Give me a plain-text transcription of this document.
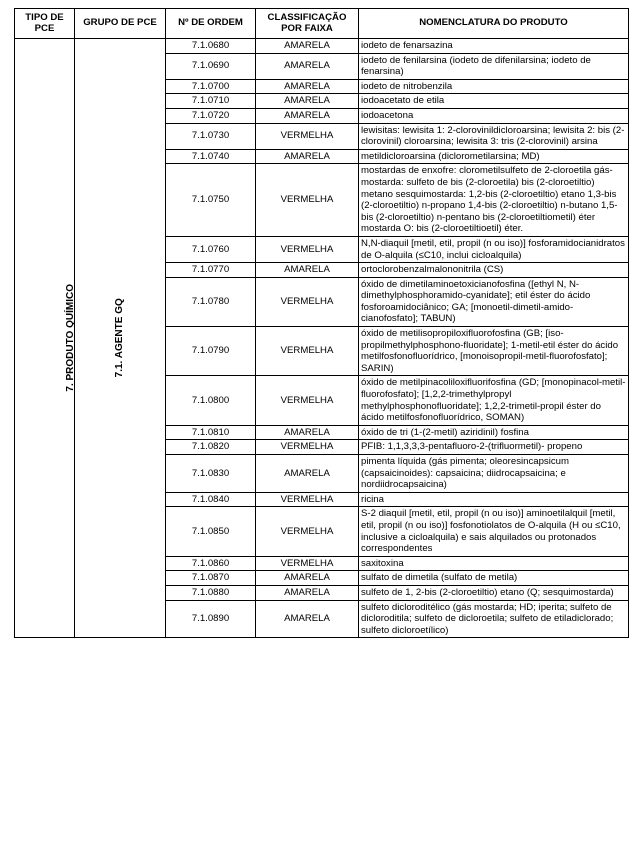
TIPO DE PCE	GRUPO DE PCE	Nº DE ORDEM	CLASSIFICAÇÃO POR FAIXA	NOMENCLATURA DO PRODUTO
7. PRODUTO QUÍMICO	7.1. AGENTE GQ	7.1.0680	AMARELA	iodeto de fenarsazina
		7.1.0690	AMARELA	iodeto de fenilarsina (iodeto de difenilarsina; iodeto de fenarsina)
		7.1.0700	AMARELA	iodeto de nitrobenzila
		7.1.0710	AMARELA	iodoacetato de etila
		7.1.0720	AMARELA	iodoacetona
		7.1.0730	VERMELHA	lewisitas: lewisita 1: 2-clorovinildicloroarsina; lewisita 2: bis (2-clorovinil) cloroarsina; lewisita 3: tris (2-clorovinil) arsina
		7.1.0740	AMARELA	metildicloroarsina (diclorometilarsina; MD)
		7.1.0750	VERMELHA	mostardas de enxofre: clorometilsulfeto de 2-cloroetila gás-mostarda: sulfeto de bis (2-cloroetila) bis (2-cloroetiltio) metano sesquimostarda: 1,2-bis (2-cloroetiltio) etano 1,3-bis (2-cloroetiltio) n-propano 1,4-bis (2-cloroetiltio) n-butano 1,5-bis (2-cloroetiltio) n-pentano bis (2-cloroetiltiometil) éter mostarda O: bis (2-cloroetiltioetil) éter.
		7.1.0760	VERMELHA	N,N-diaquil [metil, etil, propil (n ou iso)] fosforamidocianidratos de O-alquila (≤C10, inclui cicloalquila)
		7.1.0770	AMARELA	ortoclorobenzalmalononitrila (CS)
		7.1.0780	VERMELHA	óxido de dimetilaminoetoxicianofosfina ([ethyl N, N-dimethylphosphoramido-cyanidate]; etil éster do ácido fosforoamidociânico; GA; [monoetil-dimetil-amido-cianofosfato]; TABUN)
		7.1.0790	VERMELHA	óxido de metilisopropiloxifluorofosfina (GB; [iso-propilmethylphosphono-fluoridate]; 1-metil-etil éster do ácido metilfosfonofluorídrico, [monoisopropil-metil-fluorofosfato]; SARIN)
		7.1.0800	VERMELHA	óxido de metilpinacoliloxifluorifosfina (GD; [monopinacol-metil-fluorofosfato]; [1,2,2-trimethylpropyl methylphosphonofluoridate]; 1,2,2-trimetil-propil éster do ácido metilfosfonofluorídrico, SOMAN)
		7.1.0810	AMARELA	óxido de tri (1-(2-metil) aziridinil) fosfina
		7.1.0820	VERMELHA	PFIB: 1,1,3,3,3-pentafluoro-2-(trifluormetil)- propeno
		7.1.0830	AMARELA	pimenta líquida (gás pimenta; oleoresincapsicum (capsaicinoides): capsaicina; diidrocapsaicina; e nordiidrocapsaicina)
		7.1.0840	VERMELHA	ricina
		7.1.0850	VERMELHA	S-2 diaquil [metil, etil, propil (n ou iso)] aminoetilalquil [metil, etil, propil (n ou iso)] fosfonotiolatos de O-alquila (H ou ≤C10, inclusive a cicloalquila) e sais alquilados ou protonados correspondentes
		7.1.0860	VERMELHA	saxitoxina
		7.1.0870	AMARELA	sulfato de dimetila (sulfato de metila)
		7.1.0880	AMARELA	sulfeto de 1, 2-bis (2-cloroetiltio) etano (Q; sesquimostarda)
		7.1.0890	AMARELA	sulfeto dicloroditélico (gás mostarda; HD; iperita; sulfeto de dicloroditila; sulfeto de dicloroetila; sulfeto de etiladiclorado; sulfeto dicloroetílico)
